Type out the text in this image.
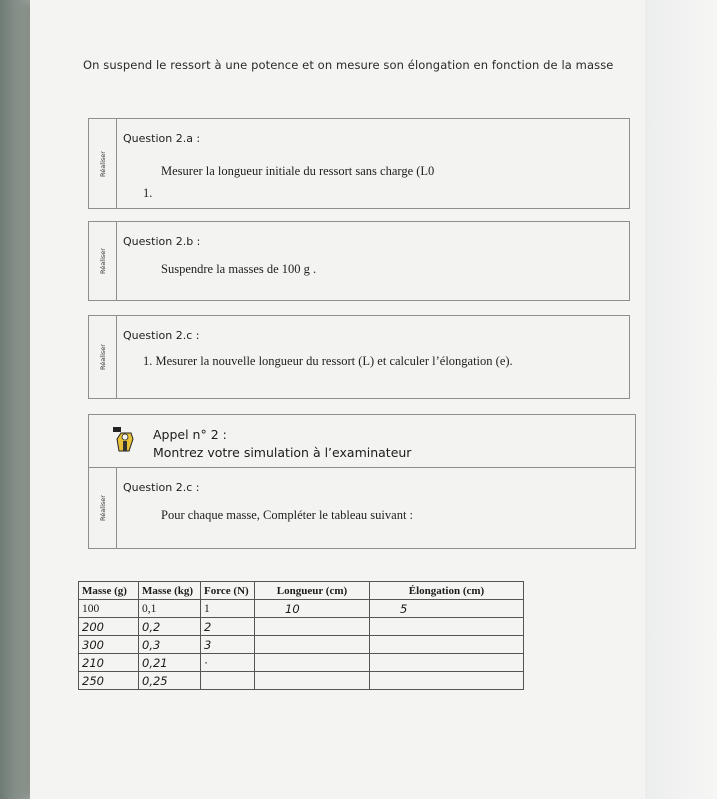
On suspend le ressort à une potence et on mesure son élongation en fonction de la masse
Réaliser
Question 2.a :
Mesurer la longueur initiale du ressort sans charge (L0
1.
Réaliser
Question 2.b :
Suspendre la masses de 100 g .
Réaliser
Question 2.c :
1. Mesurer la nouvelle longueur du ressort (L) et calculer l’élongation (e).
Appel n° 2 :
Montrez votre simulation à l’examinateur
Réaliser
Question 2.c :
Pour chaque masse, Compléter le tableau suivant :
Masse (g)	Masse (kg)	Force (N)	Longueur (cm)	Élongation (cm)
100	0,1	1	10	5
200	0,2	2		
300	0,3	3		
210	0,21	·		
250	0,25			
